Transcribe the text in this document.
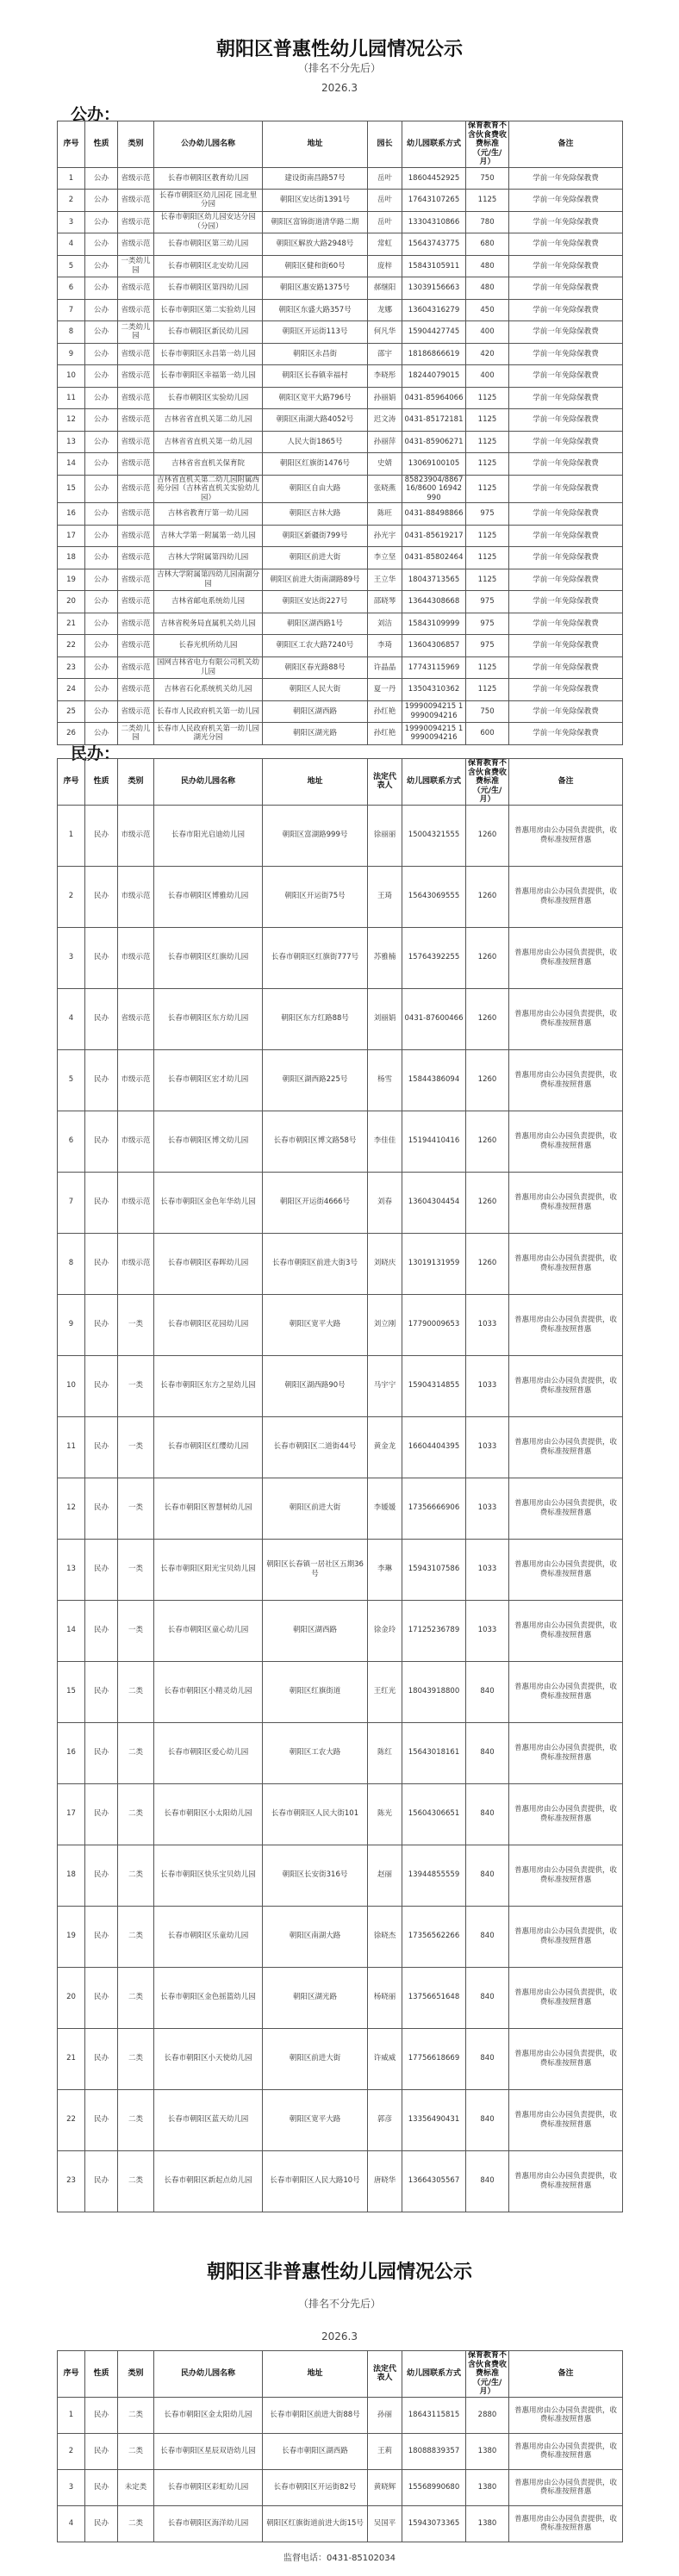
朝阳区普惠性幼儿园情况公示
（排名不分先后）
2026.3
公办：
序号	性质	类别	公办幼儿园名称	地址	园长	幼儿园联系方式	保育教育不含伙食费收费标准（元/生/月）	备注
1	公办	省级示范	长春市朝阳区教育幼儿园	建设街南昌路57号	岳叶	18604452925	750	学前一年免除保教费
2	公办	省级示范	长春市朝阳区幼儿园花 园北里分园	朝阳区安达街1391号	岳叶	17643107265	1125	学前一年免除保教费
3	公办	省级示范	长春市朝阳区幼儿园安达分园（分园）	朝阳区富锦街道清华路二期	岳叶	13304310866	780	学前一年免除保教费
4	公办	省级示范	长春市朝阳区第三幼儿园	朝阳区解放大路2948号	常虹	15643743775	680	学前一年免除保教费
5	公办	一类幼儿园	长春市朝阳区北安幼儿园	朝阳区健和街60号	庞梓	15843105911	480	学前一年免除保教费
6	公办	省级示范	长春市朝阳区第四幼儿园	朝阳区惠安路1375号	郝继阳	13039156663	480	学前一年免除保教费
7	公办	省级示范	长春市朝阳区第二实验幼儿园	朝阳区东盛大路357号	龙娜	13604316279	450	学前一年免除保教费
8	公办	二类幼儿园	长春市朝阳区新民幼儿园	朝阳区开运街113号	何凡华	15904427745	400	学前一年免除保教费
9	公办	省级示范	长春市朝阳区永昌第一幼儿园	朝阳区永昌街	邵宇	18186866619	420	学前一年免除保教费
10	公办	省级示范	长春市朝阳区幸福第一幼儿园	朝阳区长春镇幸福村	李晓彤	18244079015	400	学前一年免除保教费
11	公办	省级示范	长春市朝阳区实验幼儿园	朝阳区宽平大路796号	孙丽娟	0431-85964066	1125	学前一年免除保教费
12	公办	省级示范	吉林省省直机关第二幼儿园	朝阳区南湖大路4052号	迟文涛	0431-85172181	1125	学前一年免除保教费
13	公办	省级示范	吉林省省直机关第一幼儿园	人民大街1865号	孙丽萍	0431-85906271	1125	学前一年免除保教费
14	公办	省级示范	吉林省省直机关保育院	朝阳区红旗街1476号	史婧	13069100105	1125	学前一年免除保教费
15	公办	省级示范	吉林省直机关第二幼儿园附属西苑分园（吉林省直机关实验幼儿园）	朝阳区自由大路	张晓燕	85823904/8867 16/8600 16942990	1125	学前一年免除保教费
16	公办	省级示范	吉林省教育厅第一幼儿园	朝阳区吉林大路	陈旺	0431-88498866	975	学前一年免除保教费
17	公办	省级示范	吉林大学第一附属第一幼儿园	朝阳区新疆街799号	孙光宇	0431-85619217	1125	学前一年免除保教费
18	公办	省级示范	吉林大学附属第四幼儿园	朝阳区前进大街	李立坚	0431-85802464	1125	学前一年免除保教费
19	公办	省级示范	吉林大学附属第四幼儿园南湖分园	朝阳区前进大街南湖路89号	王立华	18043713565	1125	学前一年免除保教费
20	公办	省级示范	吉林省邮电系统幼儿园	朝阳区安达街227号	邵晓琴	13644308668	975	学前一年免除保教费
21	公办	省级示范	吉林省税务局直属机关幼儿园	朝阳区湖西路1号	刘洁	15843109999	975	学前一年免除保教费
22	公办	省级示范	长春光机所幼儿园	朝阳区工农大路7240号	李琦	13604306857	975	学前一年免除保教费
23	公办	省级示范	国网吉林省电力有限公司机关幼儿园	朝阳区春光路88号	许晶晶	17743115969	1125	学前一年免除保教费
24	公办	省级示范	吉林省石化系统机关幼儿园	朝阳区人民大街	夏一丹	13504310362	1125	学前一年免除保教费
25	公办	省级示范	长春市人民政府机关第一幼儿园	朝阳区湖西路	孙红艳	19990094215 19990094216	750	学前一年免除保教费
26	公办	二类幼儿园	长春市人民政府机关第一幼儿园湖光分园	朝阳区湖光路	孙红艳	19990094215 19990094216	600	学前一年免除保教费
民办：
序号	性质	类别	民办幼儿园名称	地址	法定代表人	幼儿园联系方式	保育教育不含伙食费收费标准（元/生/月）	备注
1	民办	市级示范	长春市阳光启迪幼儿园	朝阳区富湖路999号	徐丽丽	15004321555	1260	普惠用房由公办园负责提供，收费标准按照普惠
2	民办	市级示范	长春市朝阳区博雅幼儿园	朝阳区开运街75号	王琦	15643069555	1260	普惠用房由公办园负责提供，收费标准按照普惠
3	民办	市级示范	长春市朝阳区红旗幼儿园	长春市朝阳区红旗街777号	苏雅楠	15764392255	1260	普惠用房由公办园负责提供，收费标准按照普惠
4	民办	省级示范	长春市朝阳区东方幼儿园	朝阳区东方红路88号	刘丽娟	0431-87600466	1260	普惠用房由公办园负责提供，收费标准按照普惠
5	民办	市级示范	长春市朝阳区宏才幼儿园	朝阳区湖西路225号	杨雪	15844386094	1260	普惠用房由公办园负责提供，收费标准按照普惠
6	民办	市级示范	长春市朝阳区博文幼儿园	长春市朝阳区博文路58号	李佳佳	15194410416	1260	普惠用房由公办园负责提供，收费标准按照普惠
7	民办	市级示范	长春市朝阳区金色年华幼儿园	朝阳区开运街4666号	刘春	13604304454	1260	普惠用房由公办园负责提供，收费标准按照普惠
8	民办	市级示范	长春市朝阳区春晖幼儿园	长春市朝阳区前进大街3号	刘晓庆	13019131959	1260	普惠用房由公办园负责提供，收费标准按照普惠
9	民办	一类	长春市朝阳区花园幼儿园	朝阳区宽平大路	刘立刚	17790009653	1033	普惠用房由公办园负责提供，收费标准按照普惠
10	民办	一类	长春市朝阳区东方之星幼儿园	朝阳区湖西路90号	马宇宁	15904314855	1033	普惠用房由公办园负责提供，收费标准按照普惠
11	民办	一类	长春市朝阳区红缨幼儿园	长春市朝阳区二道街44号	黄金龙	16604404395	1033	普惠用房由公办园负责提供，收费标准按照普惠
12	民办	一类	长春市朝阳区智慧树幼儿园	朝阳区前进大街	李媛媛	17356666906	1033	普惠用房由公办园负责提供，收费标准按照普惠
13	民办	一类	长春市朝阳区阳光宝贝幼儿园	朝阳区长春镇一居社区五期36号	李琳	15943107586	1033	普惠用房由公办园负责提供，收费标准按照普惠
14	民办	一类	长春市朝阳区童心幼儿园	朝阳区湖西路	徐金玲	17125236789	1033	普惠用房由公办园负责提供，收费标准按照普惠
15	民办	二类	长春市朝阳区小精灵幼儿园	朝阳区红旗街道	王红光	18043918800	840	普惠用房由公办园负责提供，收费标准按照普惠
16	民办	二类	长春市朝阳区爱心幼儿园	朝阳区工农大路	陈红	15643018161	840	普惠用房由公办园负责提供，收费标准按照普惠
17	民办	二类	长春市朝阳区小太阳幼儿园	长春市朝阳区人民大街101	陈光	15604306651	840	普惠用房由公办园负责提供，收费标准按照普惠
18	民办	二类	长春市朝阳区快乐宝贝幼儿园	朝阳区长安街316号	赵丽	13944855559	840	普惠用房由公办园负责提供，收费标准按照普惠
19	民办	二类	长春市朝阳区乐童幼儿园	朝阳区南湖大路	徐晓杰	17356562266	840	普惠用房由公办园负责提供，收费标准按照普惠
20	民办	二类	长春市朝阳区金色摇篮幼儿园	朝阳区湖光路	杨晓丽	13756651648	840	普惠用房由公办园负责提供，收费标准按照普惠
21	民办	二类	长春市朝阳区小天使幼儿园	朝阳区前进大街	许威威	17756618669	840	普惠用房由公办园负责提供，收费标准按照普惠
22	民办	二类	长春市朝阳区蓝天幼儿园	朝阳区宽平大路	郭彦	13356490431	840	普惠用房由公办园负责提供，收费标准按照普惠
23	民办	二类	长春市朝阳区新起点幼儿园	长春市朝阳区人民大路10号	唐晓华	13664305567	840	普惠用房由公办园负责提供，收费标准按照普惠
朝阳区非普惠性幼儿园情况公示
（排名不分先后）
2026.3
序号	性质	类别	民办幼儿园名称	地址	法定代表人	幼儿园联系方式	保育教育不含伙食费收费标准（元/生/月）	备注
1	民办	二类	长春市朝阳区金太阳幼儿园	长春市朝阳区前进大街88号	孙丽	18643115815	2880	普惠用房由公办园负责提供，收费标准按照普惠
2	民办	二类	长春市朝阳区星辰双语幼儿园	长春市朝阳区湖西路	王莉	18088839357	1380	普惠用房由公办园负责提供，收费标准按照普惠
3	民办	未定类	长春市朝阳区彩虹幼儿园	长春市朝阳区开运街82号	黄晓辉	15568990680	1380	普惠用房由公办园负责提供，收费标准按照普惠
4	民办	二类	长春市朝阳区海洋幼儿园	朝阳区红旗街道前进大街15号	吴国平	15943073365	1380	普惠用房由公办园负责提供，收费标准按照普惠
监督电话：0431-85102034
